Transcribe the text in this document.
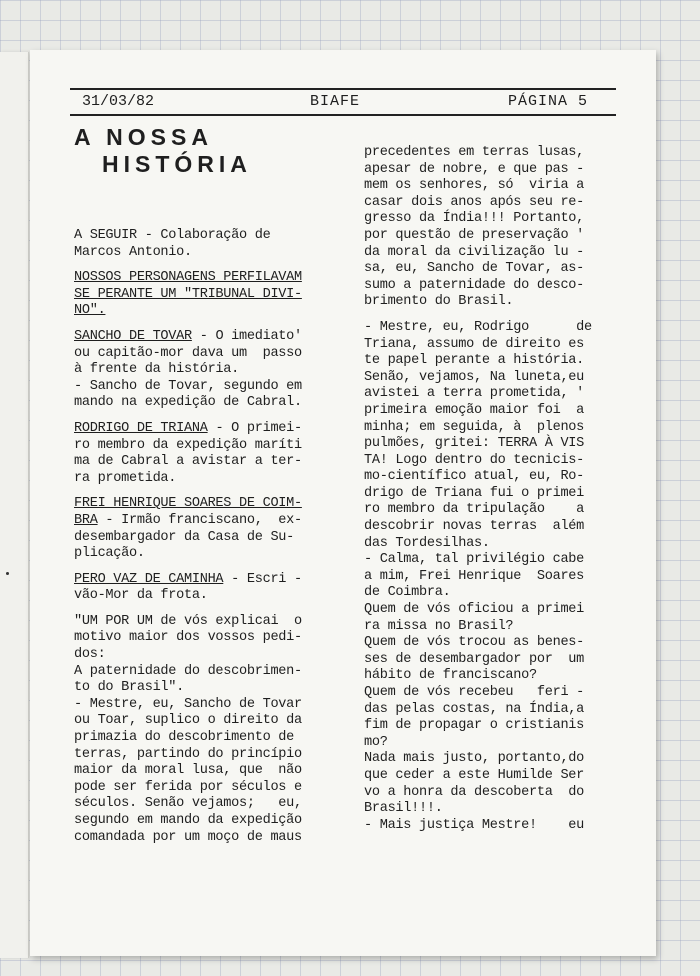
31/03/82	BIAFE	PÁGINA 5
A NOSSA
HISTÓRIA

A SEGUIR - Colaboração de
Marcos Antonio.

NOSSOS PERSONAGENS PERFILAVAM
SE PERANTE UM "TRIBUNAL DIVI-
NO".

SANCHO DE TOVAR - O imediato'
ou capitão-mor dava um  passo
à frente da história.
- Sancho de Tovar, segundo em
mando na expedição de Cabral.

RODRIGO DE TRIANA - O primei-
ro membro da expedição maríti
ma de Cabral a avistar a ter-
ra prometida.

FREI HENRIQUE SOARES DE COIM-
BRA - Irmão franciscano,  ex-
desembargador da Casa de Su-
plicação.

PERO VAZ DE CAMINHA - Escri -
vão-Mor da frota.

"UM POR UM de vós explicai  o
motivo maior dos vossos pedi-
dos:
A paternidade do descobrimen-
to do Brasil".

- Mestre, eu, Sancho de Tovar
ou Toar, suplico o direito da
primazia do descobrimento de
terras, partindo do princípio
maior da moral lusa, que  não
pode ser ferida por séculos e
séculos. Senão vejamos;   eu,
segundo em mando da expedição
comandada por um moço de maus

precedentes em terras lusas,
apesar de nobre, e que pas -
mem os senhores, só  viria a
casar dois anos após seu re-
gresso da Índia!!! Portanto,
por questão de preservação '
da moral da civilização lu -
sa, eu, Sancho de Tovar, as-
sumo a paternidade do desco-
brimento do Brasil.

- Mestre, eu, Rodrigo      de
Triana, assumo de direito es
te papel perante a história.
Senão, vejamos, Na luneta,eu
avistei a terra prometida, '
primeira emoção maior foi  a
minha; em seguida, à  plenos
pulmões, gritei: TERRA À VIS
TA! Logo dentro do tecnicis-
mo-científico atual, eu, Ro-
drigo de Triana fui o primei
ro membro da tripulação    a
descobrir novas terras  além
das Tordesilhas.

- Calma, tal privilégio cabe
a mim, Frei Henrique  Soares
de Coimbra.
Quem de vós oficiou a primei
ra missa no Brasil?
Quem de vós trocou as benes-
ses de desembargador por  um
hábito de franciscano?
Quem de vós recebeu   feri -
das pelas costas, na Índia,a
fim de propagar o cristianis
mo?
Nada mais justo, portanto,do
que ceder a este Humilde Ser
vo a honra da descoberta  do
Brasil!!!.
- Mais justiça Mestre!    eu
